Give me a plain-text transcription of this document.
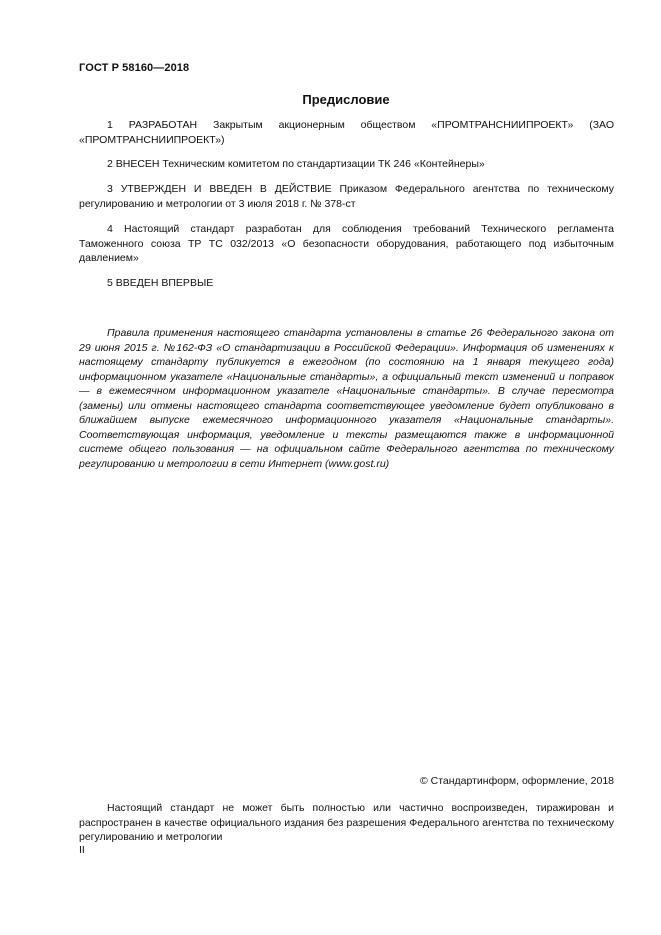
ГОСТ Р 58160—2018
Предисловие
1 РАЗРАБОТАН Закрытым акционерным обществом «ПРОМТРАНСНИИПРОЕКТ» (ЗАО «ПРОМТРАНСНИИПРОЕКТ»)
2 ВНЕСЕН Техническим комитетом по стандартизации ТК 246 «Контейнеры»
3 УТВЕРЖДЕН И ВВЕДЕН В ДЕЙСТВИЕ Приказом Федерального агентства по техническому регулированию и метрологии от 3 июля 2018 г. № 378-ст
4 Настоящий стандарт разработан для соблюдения требований Технического регламента Таможенного союза ТР ТС 032/2013 «О безопасности оборудования, работающего под избыточным давлением»
5 ВВЕДЕН ВПЕРВЫЕ
Правила применения настоящего стандарта установлены в статье 26 Федерального закона от 29 июня 2015 г. №162-ФЗ «О стандартизации в Российской Федерации». Информация об изменениях к настоящему стандарту публикуется в ежегодном (по состоянию на 1 января текущего года) информационном указателе «Национальные стандарты», а официальный текст изменений и поправок — в ежемесячном информационном указателе «Национальные стандарты». В случае пересмотра (замены) или отмены настоящего стандарта соответствующее уведомление будет опубликовано в ближайшем выпуске ежемесячного информационного указателя «Национальные стандарты». Соответствующая информация, уведомление и тексты размещаются также в информационной системе общего пользования — на официальном сайте Федерального агентства по техническому регулированию и метрологии в сети Интернет (www.gost.ru)
© Стандартинформ, оформление, 2018
Настоящий стандарт не может быть полностью или частично воспроизведен, тиражирован и распространен в качестве официального издания без разрешения Федерального агентства по техническому регулированию и метрологии
II
